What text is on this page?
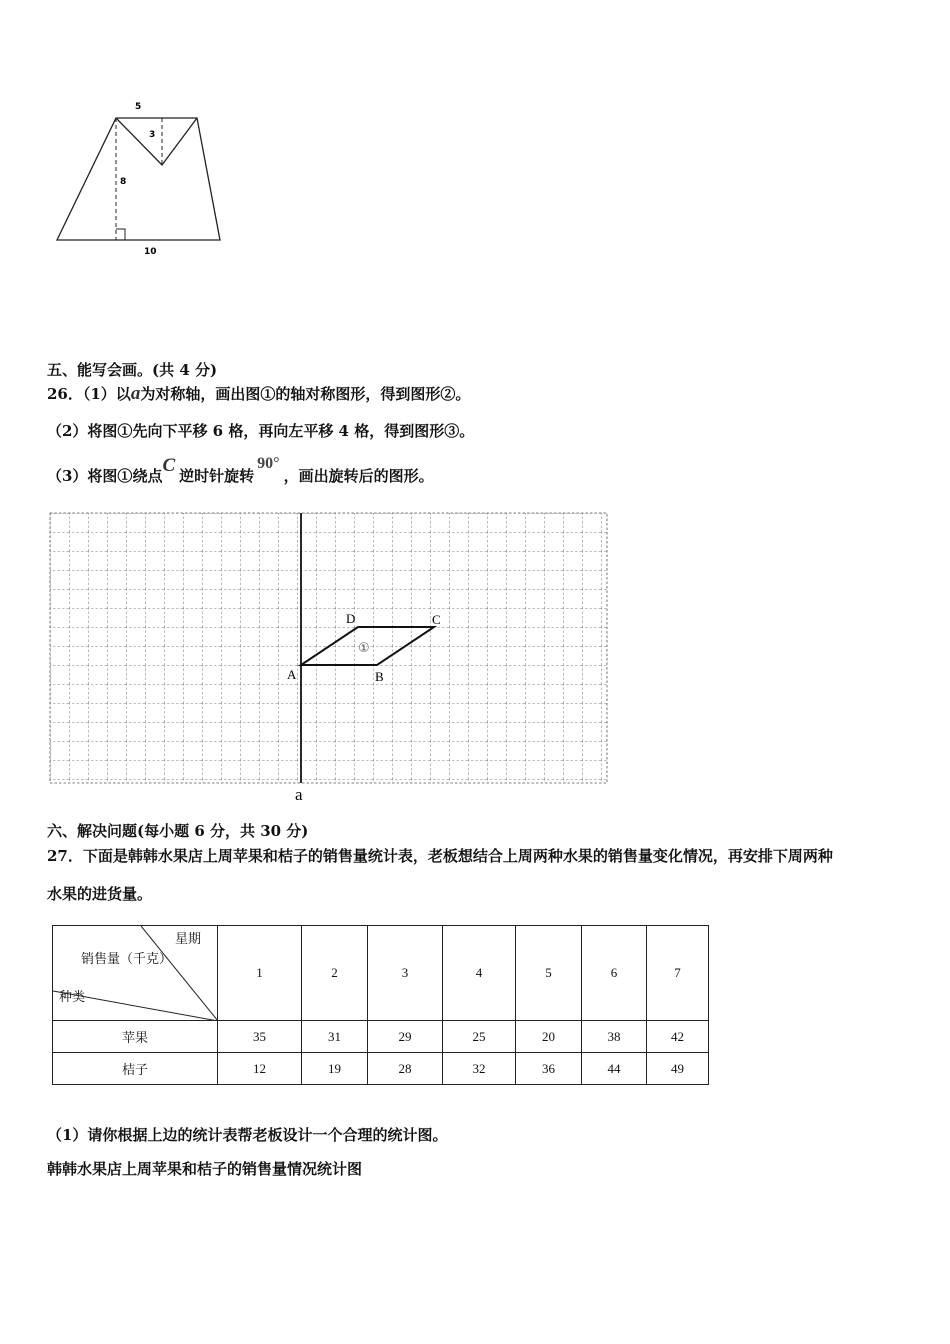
5
3
8
10
五、能写会画。(共 4 分)
26．（1）以a为对称轴，画出图①的轴对称图形，得到图形②。
（2）将图①先向下平移 6 格，再向左平移 4 格，得到图形③。
（3）将图①绕点C 逆时针旋转90°，画出旋转后的图形。
A	B
C
D
①
a
六、解决问题(每小题 6 分，共 30 分)
27．下面是韩韩水果店上周苹果和桔子的销售量统计表，老板想结合上周两种水果的销售量变化情况，再安排下周两种
水果的进货量。
星期
销售量（千克）
种类	1	2	3	4	5	6	7
苹果	35	31	29	25	20	38	42
桔子	12	19	28	32	36	44	49
（1）请你根据上边的统计表帮老板设计一个合理的统计图。
韩韩水果店上周苹果和桔子的销售量情况统计图
